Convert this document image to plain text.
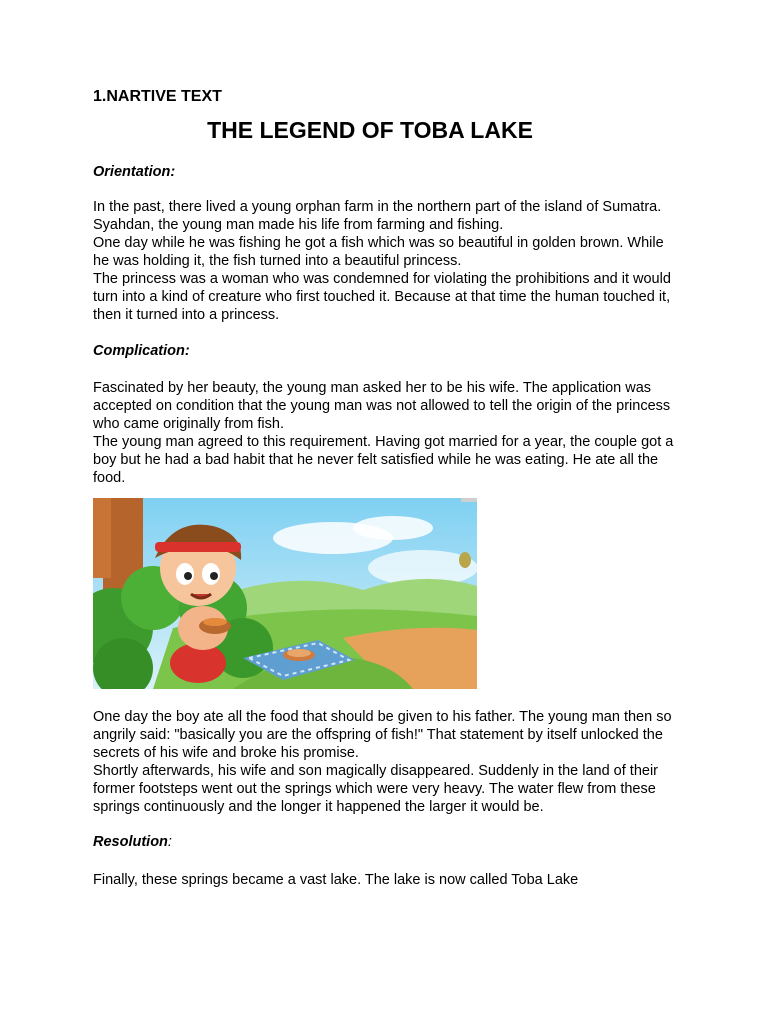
1.NARTIVE TEXT
THE LEGEND OF TOBA LAKE

Orientation:

In the past, there lived a young orphan farm in the northern part of the island of Sumatra. Syahdan, the young man made his life from farming and fishing.

One day while he was fishing he got a fish which was so beautiful in golden brown. While he was holding it, the fish turned into a beautiful princess.

The princess was a woman who was condemned for violating the prohibitions and it would turn into a kind of creature who first touched it. Because at that time the human touched it, then it turned into a princess.

Complication:

Fascinated by her beauty, the young man asked her to be his wife. The application was accepted on condition that the young man was not allowed to tell the origin of the princess who came originally from fish.

The young man agreed to this requirement. Having got married for a year, the couple got a boy but he had a bad habit that he never felt satisfied while he was eating. He ate all the food.

One day the boy ate all the food that should be given to his father. The young man then so angrily said: "basically you are the offspring of fish!" That statement by itself unlocked the secrets of his wife and broke his promise.

Shortly afterwards, his wife and son magically disappeared. Suddenly in the land of their former footsteps went out the springs which were very heavy. The water flew from these springs continuously and the longer it happened the larger it would be.

Resolution:

Finally, these springs became a vast lake. The lake is now called Toba Lake
